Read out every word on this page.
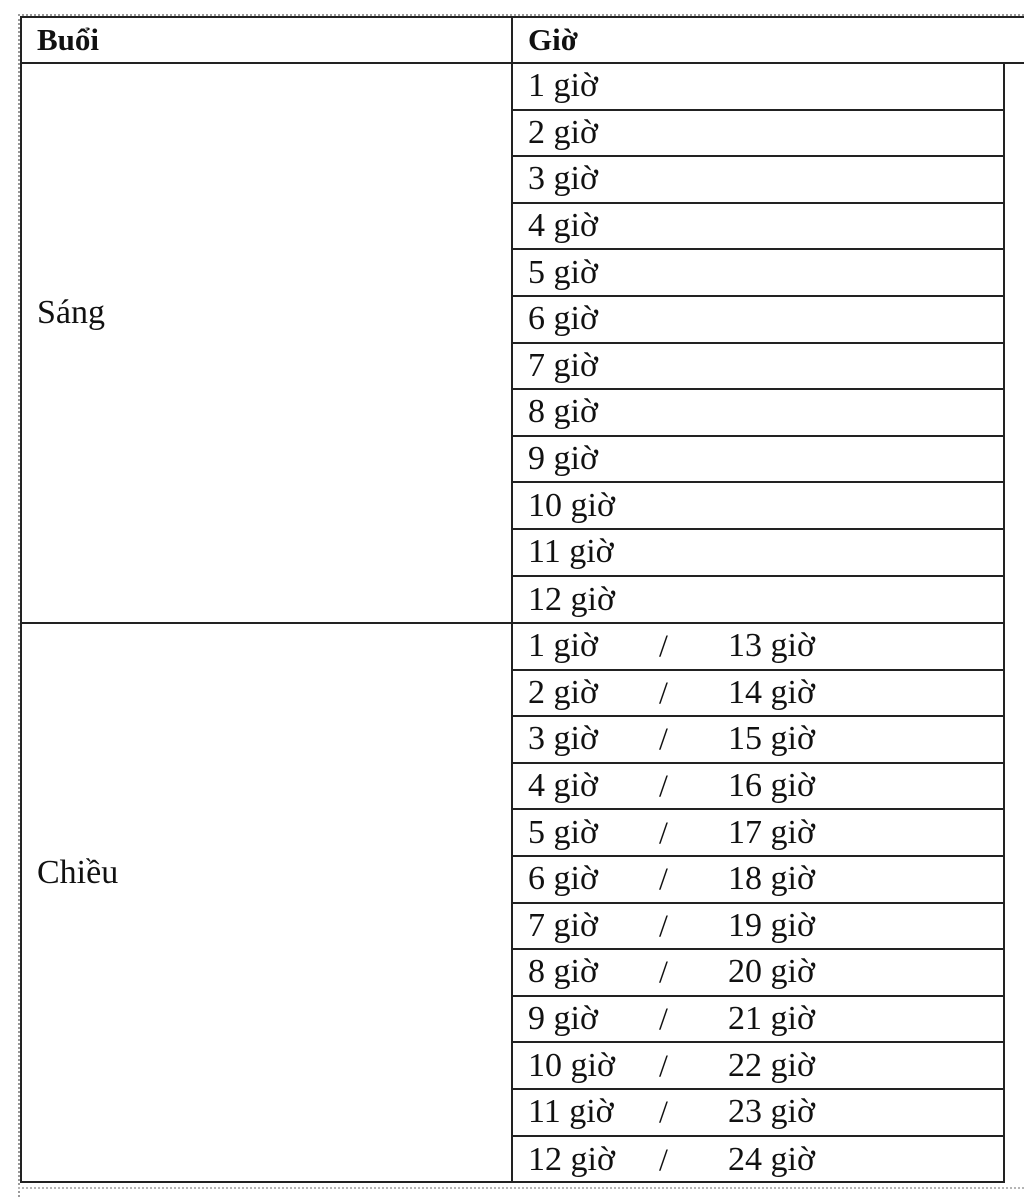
Buổi	Giờ
Sáng
Chiều
1 giờ
2 giờ
3 giờ
4 giờ
5 giờ
6 giờ
7 giờ
8 giờ
9 giờ
10 giờ
11 giờ
12 giờ
1 giờ / 13 giờ
2 giờ / 14 giờ
3 giờ / 15 giờ
4 giờ / 16 giờ
5 giờ / 17 giờ
6 giờ / 18 giờ
7 giờ / 19 giờ
8 giờ / 20 giờ
9 giờ / 21 giờ
10 giờ / 22 giờ
11 giờ / 23 giờ
12 giờ / 24 giờ
